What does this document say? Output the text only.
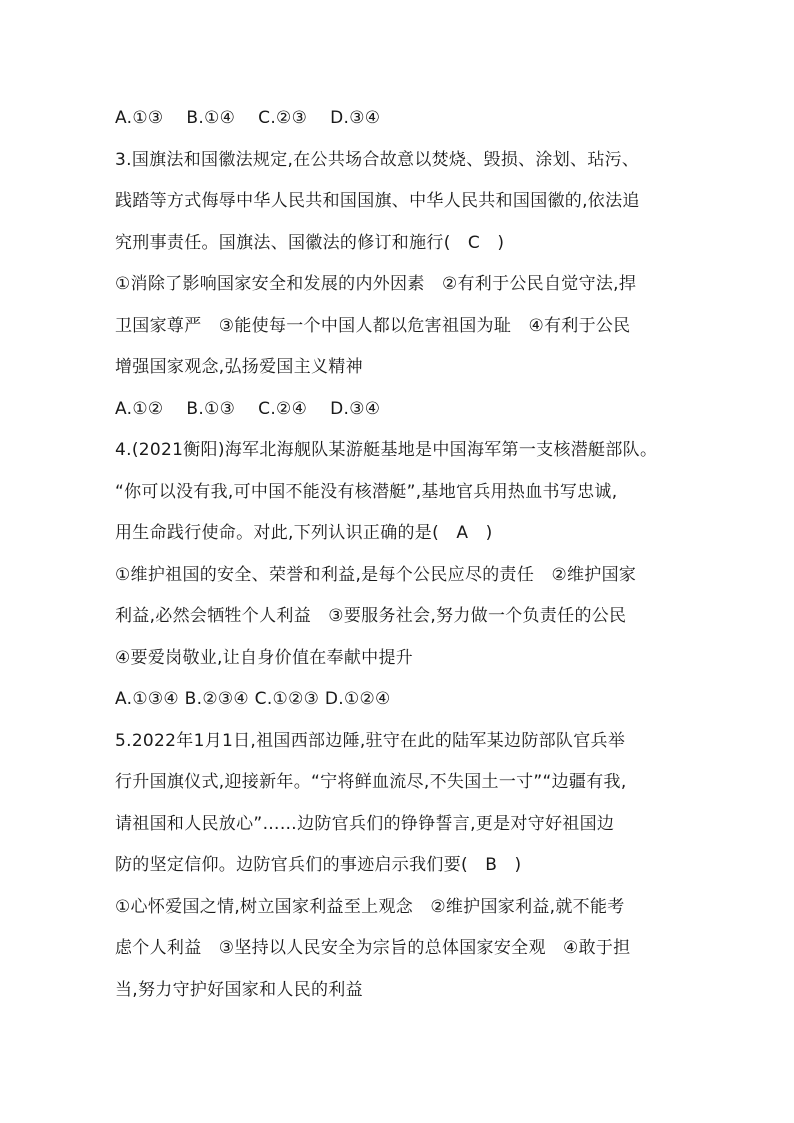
A.①③　 B.①④　 C.②③　 D.③④
3.国旗法和国徽法规定,在公共场合故意以焚烧、毁损、涂划、玷污、
践踏等方式侮辱中华人民共和国国旗、中华人民共和国国徽的,依法追
究刑事责任。国旗法、国徽法的修订和施行(　C　)
①消除了影响国家安全和发展的内外因素　②有利于公民自觉守法,捍
卫国家尊严　③能使每一个中国人都以危害祖国为耻　④有利于公民
增强国家观念,弘扬爱国主义精神
A.①②　 B.①③　 C.②④　 D.③④
4.(2021衡阳)海军北海舰队某游艇基地是中国海军第一支核潜艇部队。
“你可以没有我,可中国不能没有核潜艇”,基地官兵用热血书写忠诚,
用生命践行使命。对此,下列认识正确的是(　A　)
①维护祖国的安全、荣誉和利益,是每个公民应尽的责任　②维护国家
利益,必然会牺牲个人利益　③要服务社会,努力做一个负责任的公民
④要爱岗敬业,让自身价值在奉献中提升
A.①③④ B.②③④ C.①②③ D.①②④
5.2022年1月1日,祖国西部边陲,驻守在此的陆军某边防部队官兵举
行升国旗仪式,迎接新年。“宁将鲜血流尽,不失国土一寸”“边疆有我,
请祖国和人民放心”……边防官兵们的铮铮誓言,更是对守好祖国边
防的坚定信仰。边防官兵们的事迹启示我们要(　B　)
①心怀爱国之情,树立国家利益至上观念　②维护国家利益,就不能考
虑个人利益　③坚持以人民安全为宗旨的总体国家安全观　④敢于担
当,努力守护好国家和人民的利益
